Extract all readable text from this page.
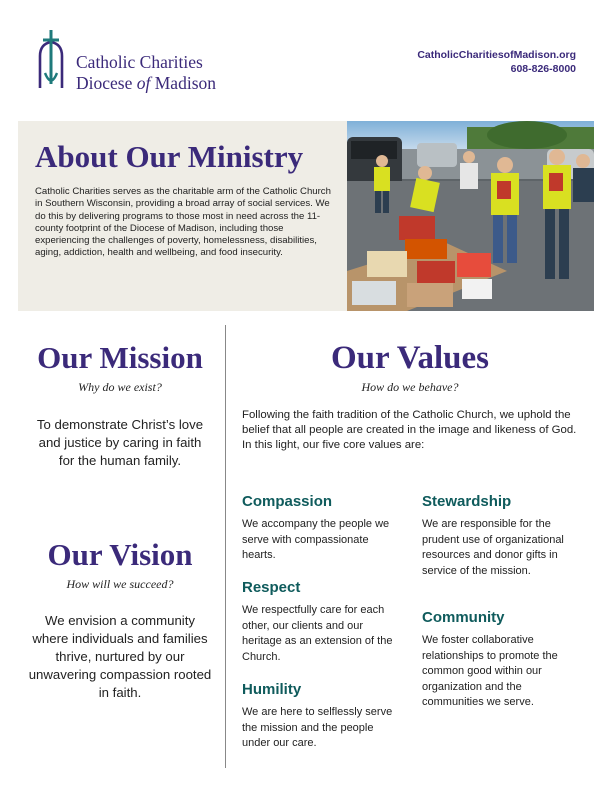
Catholic Charities
Diocese of Madison
CatholicCharitiesofMadison.org
608-826-8000
About Our Ministry

Catholic Charities serves as the charitable arm of the Catholic Church in Southern Wisconsin, providing a broad array of social services. We do this by delivering programs to those most in need across the 11-county footprint of the Diocese of Madison, including those experiencing the challenges of poverty, homelessness, disabilities, aging, addiction, health and wellbeing, and food insecurity.

Our Mission

Why do we exist?

To demonstrate Christ’s love and justice by caring in faith for the human family.

Our Vision

How will we succeed?

We envision a community where individuals and families thrive, nurtured by our unwavering compassion rooted in faith.

Our Values

How do we behave?

Following the faith tradition of the Catholic Church, we uphold the belief that all people are created in the image and likeness of God. In this light, our five core values are:

Compassion

We accompany the people we serve with compassionate hearts.

Respect

We respectfully care for each other, our clients and our heritage as an extension of the Church.

Humility

We are here to selflessly serve the mission and the people under our care.

Stewardship

We are responsible for the prudent use of organizational resources and donor gifts in service of the mission.

Community

We foster collaborative relationships to promote the common good within our organization and the communities we serve.
